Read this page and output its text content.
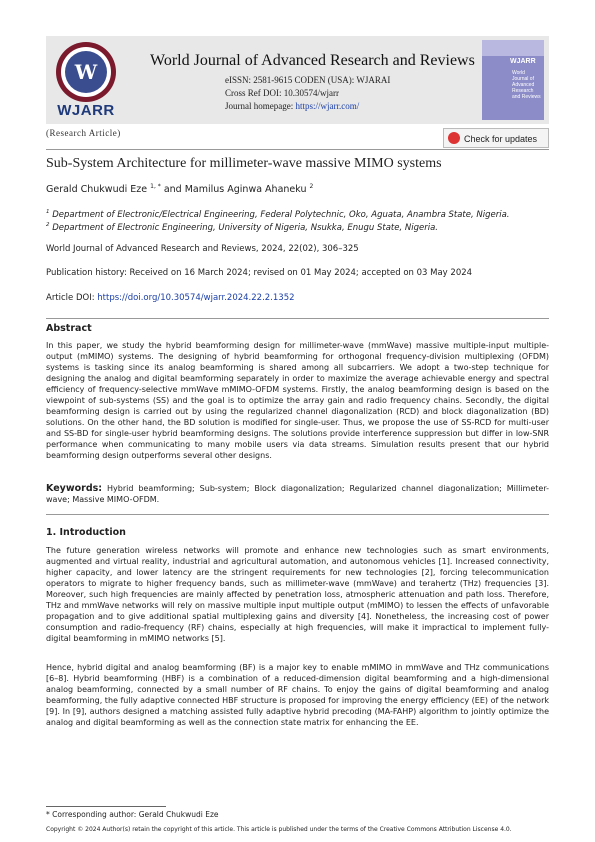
W
WJARR
World Journal of Advanced Research and Reviews
eISSN: 2581-9615 CODEN (USA): WJARAI
Cross Ref DOI: 10.30574/wjarr
Journal homepage: https://wjarr.com/
WJARR
World Journal of Advanced Research and Reviews
(Research Article)
Check for updates
Sub-System Architecture for millimeter-wave massive MIMO systems
Gerald Chukwudi Eze $^{1, *}$ and Mamilus Aginwa Ahaneku $^2$
$^1$ Department of Electronic/Electrical Engineering, Federal Polytechnic, Oko, Aguata, Anambra State, Nigeria.
$^2$ Department of Electronic Engineering, University of Nigeria, Nsukka, Enugu State, Nigeria.
World Journal of Advanced Research and Reviews, 2024, 22(02), 306–325
Publication history: Received on 16 March 2024; revised on 01 May 2024; accepted on 03 May 2024
Article DOI: https://doi.org/10.30574/wjarr.2024.22.2.1352
Abstract

In this paper, we study the hybrid beamforming design for millimeter-wave (mmWave) massive multiple-input multiple-output (mMIMO) systems. The designing of hybrid beamforming for orthogonal frequency-division multiplexing (OFDM) systems is tasking since its analog beamforming is shared among all subcarriers. We adopt a two-step technique for designing the analog and digital beamforming separately in order to maximize the average achievable energy and spectral efficiency of frequency-selective mmWave mMIMO-OFDM systems. Firstly, the analog beamforming design is based on the viewpoint of sub-systems (SS) and the goal is to optimize the array gain and radio frequency chains. Secondly, the digital beamforming design is carried out by using the regularized channel diagonalization (RCD) and block diagonalization (BD) solutions. On the other hand, the BD solution is modified for single-user. Thus, we propose the use of SS-RCD for multi-user and SS-BD for single-user hybrid beamforming designs. The solutions provide interference suppression but differ in low-SNR performance when communicating to many mobile users via data streams. Simulation results present that our hybrid beamforming design outperforms several other designs.

Keywords: Hybrid beamforming; Sub-system; Block diagonalization; Regularized channel diagonalization; Millimeter-wave; Massive MIMO-OFDM.
1. Introduction

The future generation wireless networks will promote and enhance new technologies such as smart environments, augmented and virtual reality, industrial and agricultural automation, and autonomous vehicles [1]. Increased connectivity, higher capacity, and lower latency are the stringent requirements for new technologies [2], forcing telecommunication operators to migrate to higher frequency bands, such as millimeter-wave (mmWave) and terahertz (THz) frequencies [3]. Moreover, such high frequencies are mainly affected by penetration loss, atmospheric attenuation and path loss. Therefore, THz and mmWave networks will rely on massive multiple input multiple output (mMIMO) to lessen the effects of unfavorable propagation and to give additional spatial multiplexing gains and diversity [4]. Nonetheless, the increasing cost of power consumption and radio-frequency (RF) chains, especially at high frequencies, will make it impractical to implement fully-digital beamforming in mMIMO networks [5].

Hence, hybrid digital and analog beamforming (BF) is a major key to enable mMIMO in mmWave and THz communications [6–8]. Hybrid beamforming (HBF) is a combination of a reduced-dimension digital beamforming and a high-dimensional analog beamforming, connected by a small number of RF chains. To enjoy the gains of digital beamforming and analog beamforming, the fully adaptive connected HBF structure is proposed for improving the energy efficiency (EE) of the network [9]. In [9], authors designed a matching assisted fully adaptive hybrid precoding (MA-FAHP) algorithm to jointly optimize the analog and digital beamforming as well as the connection state matrix for enhancing the EE.

* Corresponding author: Gerald Chukwudi Eze
Copyright © 2024 Author(s) retain the copyright of this article. This article is published under the terms of the Creative Commons Attribution Liscense 4.0.
